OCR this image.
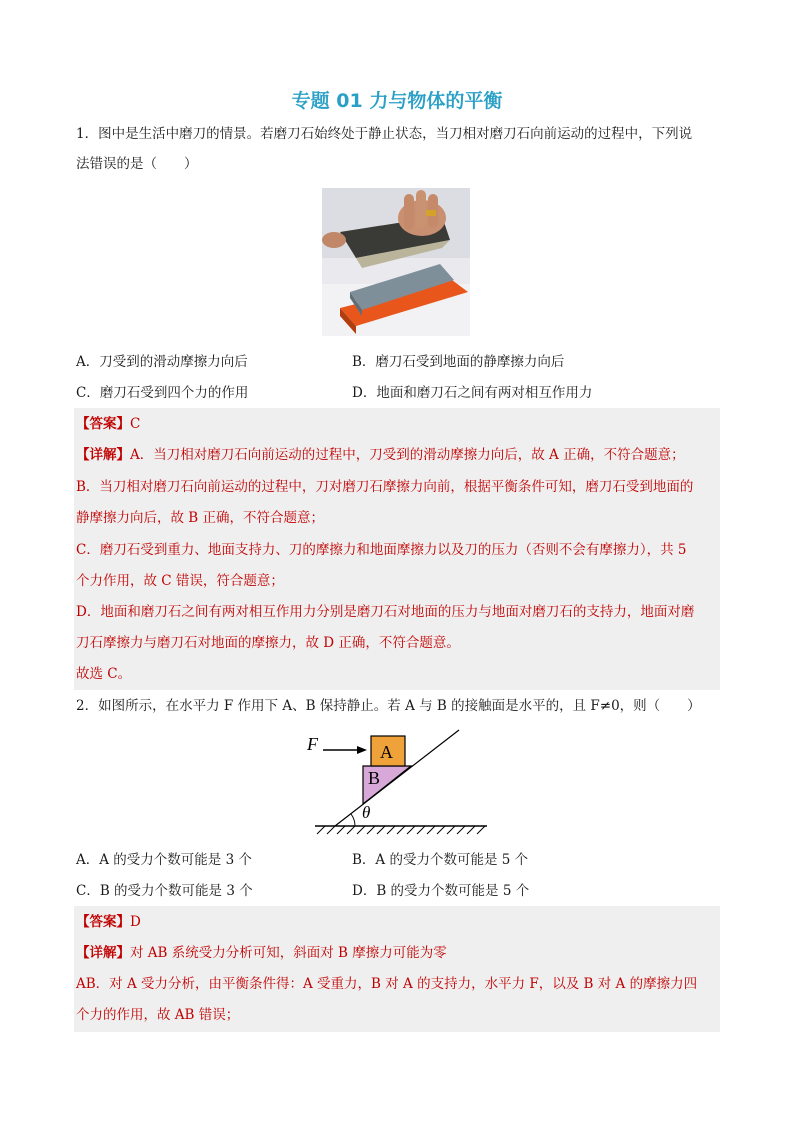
专题 01 力与物体的平衡
1．图中是生活中磨刀的情景。若磨刀石始终处于静止状态，当刀相对磨刀石向前运动的过程中，下列说
法错误的是（　　）
A．刀受到的滑动摩擦力向后	B．磨刀石受到地面的静摩擦力向后
C．磨刀石受到四个力的作用	D．地面和磨刀石之间有两对相互作用力
【答案】C
【详解】A．当刀相对磨刀石向前运动的过程中，刀受到的滑动摩擦力向后，故 A 正确，不符合题意；
B．当刀相对磨刀石向前运动的过程中，刀对磨刀石摩擦力向前，根据平衡条件可知，磨刀石受到地面的
静摩擦力向后，故 B 正确，不符合题意；
C．磨刀石受到重力、地面支持力、刀的摩擦力和地面摩擦力以及刀的压力（否则不会有摩擦力），共 5
个力作用，故 C 错误，符合题意；
D．地面和磨刀石之间有两对相互作用力分别是磨刀石对地面的压力与地面对磨刀石的支持力，地面对磨
刀石摩擦力与磨刀石对地面的摩擦力，故 D 正确，不符合题意。
故选 C。
2．如图所示，在水平力 F 作用下 A、B 保持静止。若 A 与 B 的接触面是水平的，且 F≠0，则（　　）
F	A
B
θ
A．A 的受力个数可能是 3 个	B．A 的受力个数可能是 5 个
C．B 的受力个数可能是 3 个	D．B 的受力个数可能是 5 个
【答案】D
【详解】对 AB 系统受力分析可知，斜面对 B 摩擦力可能为零
AB．对 A 受力分析，由平衡条件得：A 受重力，B 对 A 的支持力，水平力 F，以及 B 对 A 的摩擦力四
个力的作用，故 AB 错误；
